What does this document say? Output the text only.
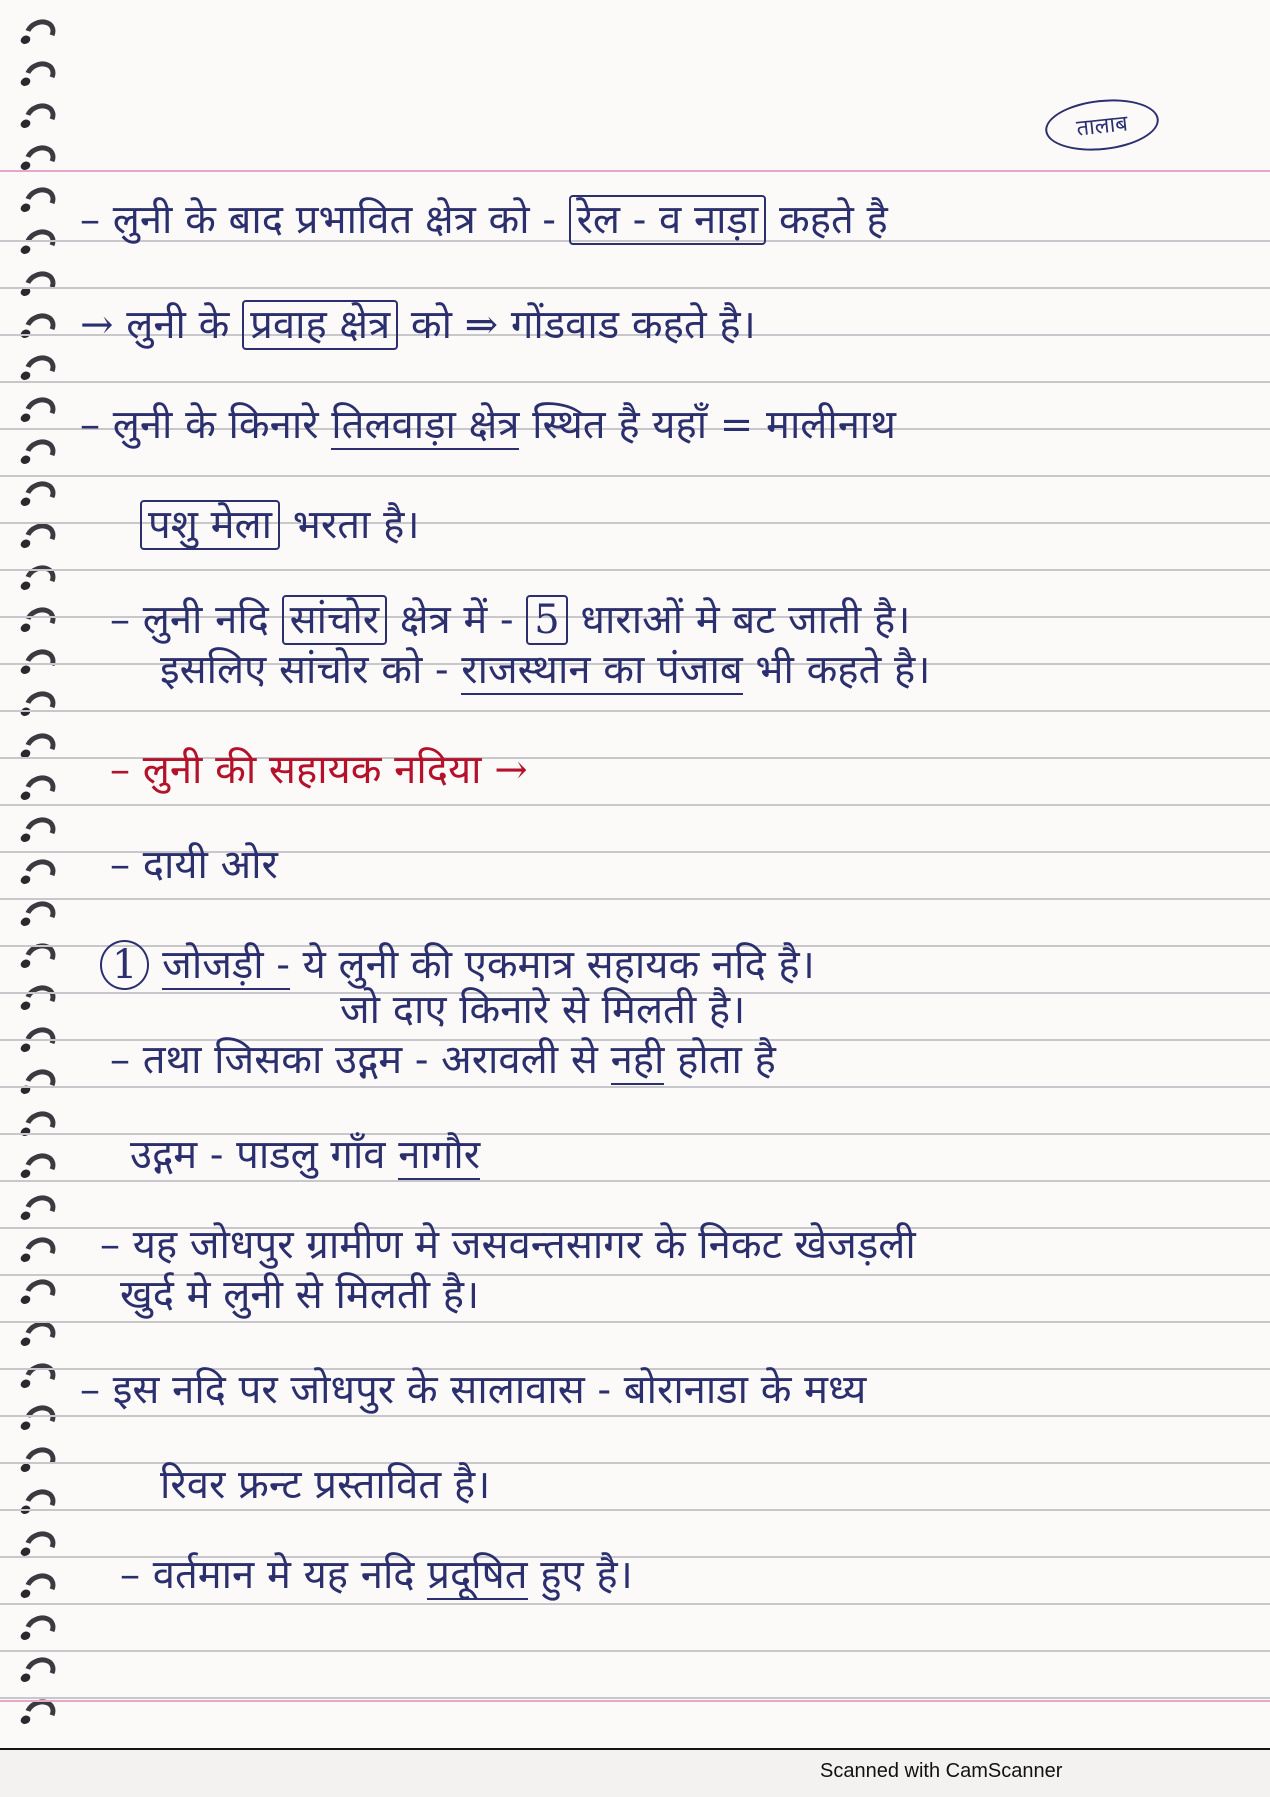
तालाब
– लुनी के बाद प्रभावित क्षेत्र को - रेल - व नाड़ा कहते है
→ लुनी के प्रवाह क्षेत्र को ⇒ गोंडवाड कहते है।
– लुनी के किनारे तिलवाड़ा क्षेत्र स्थित है यहाँ = मालीनाथ
पशु मेला भरता है।
– लुनी नदि सांचोर क्षेत्र में - 5 धाराओं मे बट जाती है।
इसलिए सांचोर को - राजस्थान का पंजाब भी कहते है।
– लुनी की सहायक नदिया →
– दायी ओर
1 जोजड़ी - ये लुनी की एकमात्र सहायक नदि है।
जो दाए किनारे से मिलती है।
– तथा जिसका उद्गम - अरावली से नही होता है
उद्गम - पाडलु गाँव नागौर
– यह जोधपुर ग्रामीण मे जसवन्तसागर के निकट खेजड़ली
खुर्द मे लुनी से मिलती है।
– इस नदि पर जोधपुर के सालावास - बोरानाडा के मध्य
रिवर फ्रन्ट प्रस्तावित है।
– वर्तमान मे यह नदि प्रदूषित हुए है।
Scanned with CamScanner
